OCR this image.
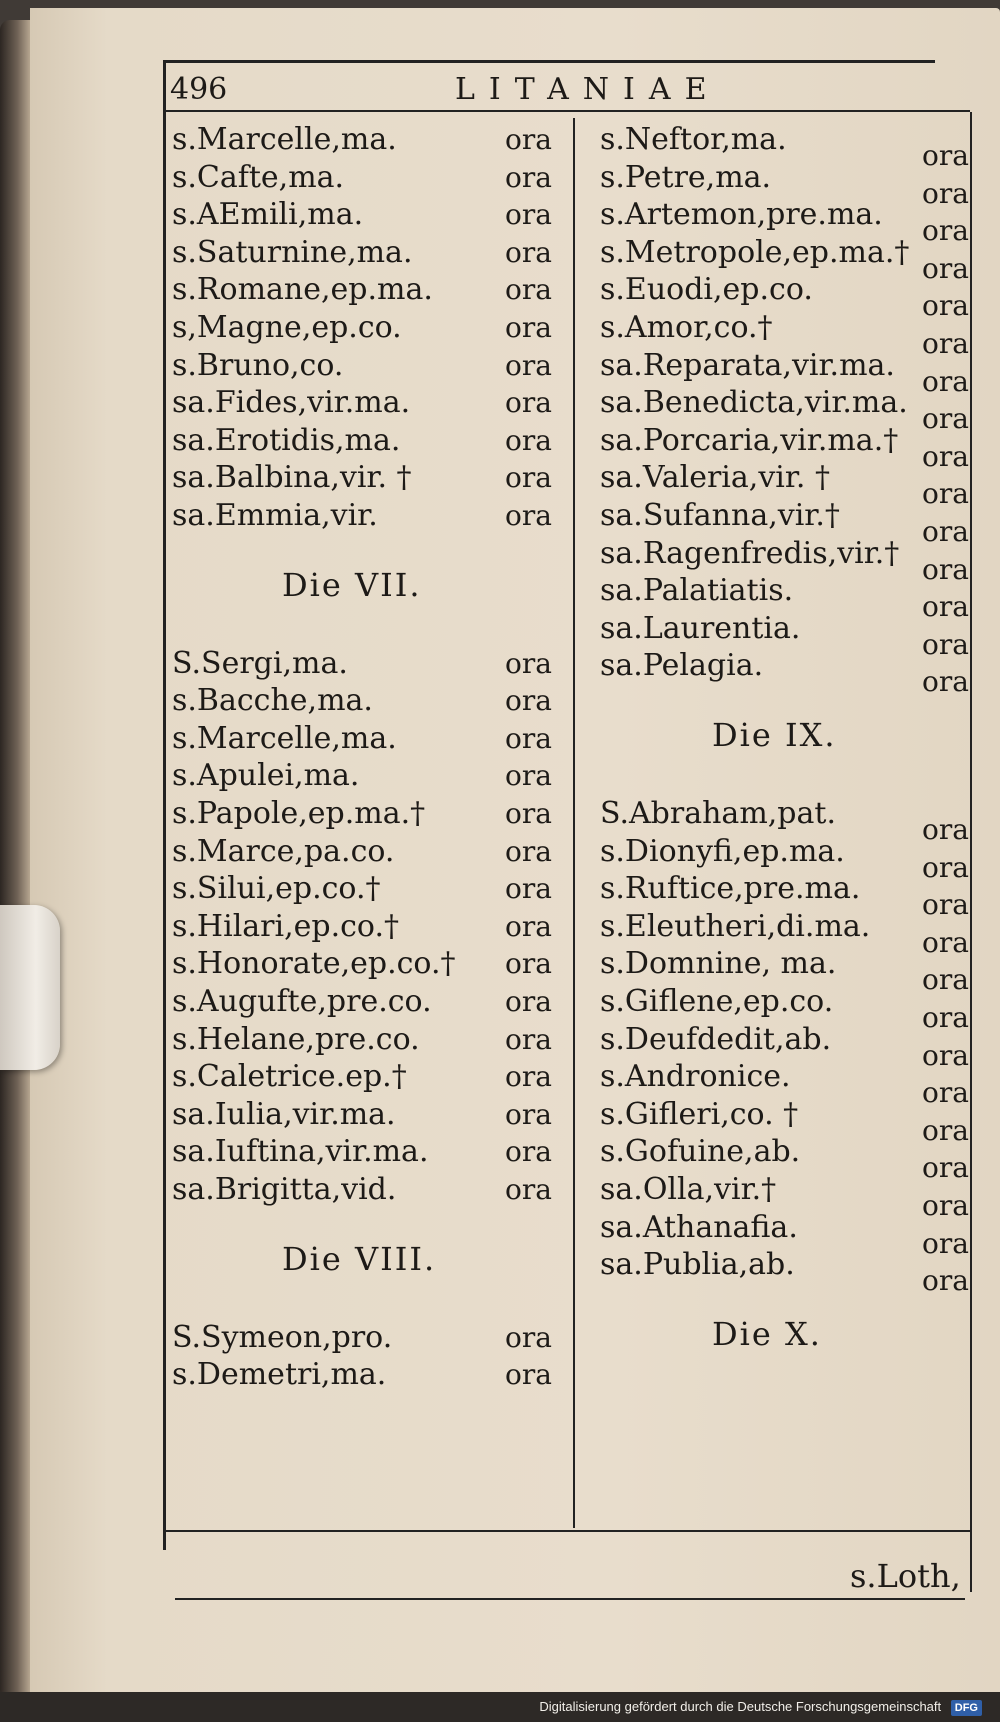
496	LITANIAE
s.Marcelle,ma.	ora
s.Cafte,ma.	ora
s.AEmili,ma.	ora
s.Saturnine,ma.	ora
s.Romane,ep.ma.	ora
s,Magne,ep.co.	ora
s.Bruno,co.	ora
sa.Fides,vir.ma.	ora
sa.Erotidis,ma.	ora
sa.Balbina,vir. †	ora
sa.Emmia,vir.	ora
Die VII.
S.Sergi,ma.	ora
s.Bacche,ma.	ora
s.Marcelle,ma.	ora
s.Apulei,ma.	ora
s.Papole,ep.ma.†	ora
s.Marce,pa.co.	ora
s.Silui,ep.co.†	ora
s.Hilari,ep.co.†	ora
s.Honorate,ep.co.† ora
s.Augufte,pre.co.	ora
s.Helane,pre.co.	ora
s.Caletrice.ep.†	ora
sa.Iulia,vir.ma.	ora
sa.Iuftina,vir.ma.	ora
sa.Brigitta,vid.	ora
Die VIII.
S.Symeon,pro.	ora
s.Demetri,ma.	ora
s.Neftor,ma.	ora
s.Petre,ma.	ora
s.Artemon,pre.ma. ora
s.Metropole,ep.ma.† ora
s.Euodi,ep.co.	ora
s.Amor,co.†	ora
sa.Reparata,vir.ma. ora
sa.Benedicta,vir.ma. ora
sa.Porcaria,vir.ma.† ora
sa.Valeria,vir. †	ora
sa.Sufanna,vir.†	ora
sa.Ragenfredis,vir.† ora
sa.Palatiatis.	ora
sa.Laurentia.	ora
sa.Pelagia.	ora
Die IX.
S.Abraham,pat.	ora
s.Dionyfi,ep.ma.	ora
s.Ruftice,pre.ma. ora
s.Eleutheri,di.ma. ora
s.Domnine, ma.	ora
s.Giflene,ep.co.	ora
s.Deufdedit,ab.	ora
s.Andronice.	ora
s.Gifleri,co. †	ora
s.Gofuine,ab.	ora
sa.Olla,vir.†	ora
sa.Athanafia.	ora
sa.Publia,ab.	ora
Die X.
s.Loth,
Digitalisierung gefördert durch die Deutsche Forschungsgemeinschaft DFG
